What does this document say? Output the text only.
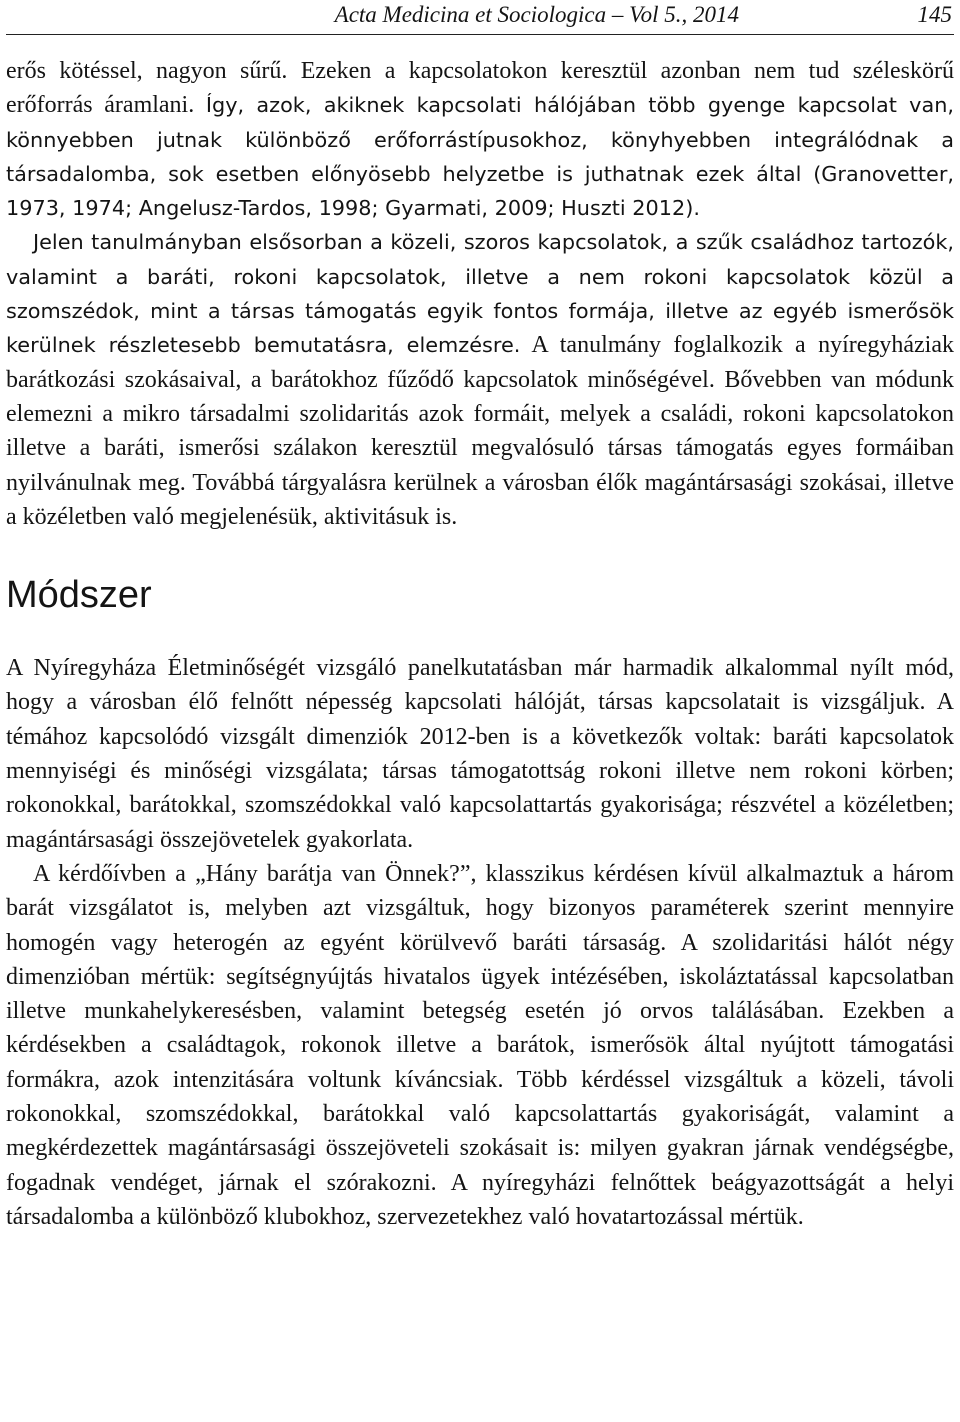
Acta Medicina et Sociologica – Vol 5., 2014	145

erős kötéssel, nagyon sűrű. Ezeken a kapcsolatokon keresztül azonban nem tud széleskörű erőforrás áramlani. Így, azok, akiknek kapcsolati hálójában több gyenge kapcsolat van, könnyebben jutnak különböző erőforrástípusokhoz, könyhyebben integrálódnak a társadalomba, sok esetben előnyösebb helyzetbe is juthatnak ezek által (Granovetter, 1973, 1974; Angelusz-Tardos, 1998; Gyarmati, 2009; Huszti 2012).

Jelen tanulmányban elsősorban a közeli, szoros kapcsolatok, a szűk családhoz tartozók, valamint a baráti, rokoni kapcsolatok, illetve a nem rokoni kapcsolatok közül a szomszédok, mint a társas támogatás egyik fontos formája, illetve az egyéb ismerősök kerülnek részletesebb bemutatásra, elemzésre. A tanulmány foglalkozik a nyíregyháziak barátkozási szokásaival, a barátokhoz fűződő kapcsolatok minőségével. Bővebben van módunk elemezni a mikro társadalmi szolidaritás azok formáit, melyek a családi, rokoni kapcsolatokon illetve a baráti, ismerősi szálakon keresztül megvalósuló társas támogatás egyes formáiban nyilvánulnak meg. Továbbá tárgyalásra kerülnek a városban élők magántársasági szokásai, illetve a közéletben való megjelenésük, aktivitásuk is.

Módszer

A Nyíregyháza Életminőségét vizsgáló panelkutatásban már harmadik alkalommal nyílt mód, hogy a városban élő felnőtt népesség kapcsolati hálóját, társas kapcsolatait is vizsgáljuk. A témához kapcsolódó vizsgált dimenziók 2012-ben is a következők voltak: baráti kapcsolatok mennyiségi és minőségi vizsgálata; társas támogatottság rokoni illetve nem rokoni körben; rokonokkal, barátokkal, szomszédokkal való kapcsolattartás gyakorisága; részvétel a közéletben; magántársasági összejövetelek gyakorlata.

A kérdőívben a „Hány barátja van Önnek?”, klasszikus kérdésen kívül alkalmaztuk a három barát vizsgálatot is, melyben azt vizsgáltuk, hogy bizonyos paraméterek szerint mennyire homogén vagy heterogén az egyént körülvevő baráti társaság. A szolidaritási hálót négy dimenzióban mértük: segítségnyújtás hivatalos ügyek intézésében, iskoláztatással kapcsolatban illetve munkahelykeresésben, valamint betegség esetén jó orvos találásában. Ezekben a kérdésekben a családtagok, rokonok illetve a barátok, ismerősök által nyújtott támogatási formákra, azok intenzitására voltunk kíváncsiak. Több kérdéssel vizsgáltuk a közeli, távoli rokonokkal, szomszédokkal, barátokkal való kapcsolattartás gyakoriságát, valamint a megkérdezettek magántársasági összejöveteli szokásait is: milyen gyakran járnak vendégségbe, fogadnak vendéget, járnak el szórakozni. A nyíregyházi felnőttek beágyazottságát a helyi társadalomba a különböző klubokhoz, szervezetekhez való hovatartozással mértük.
